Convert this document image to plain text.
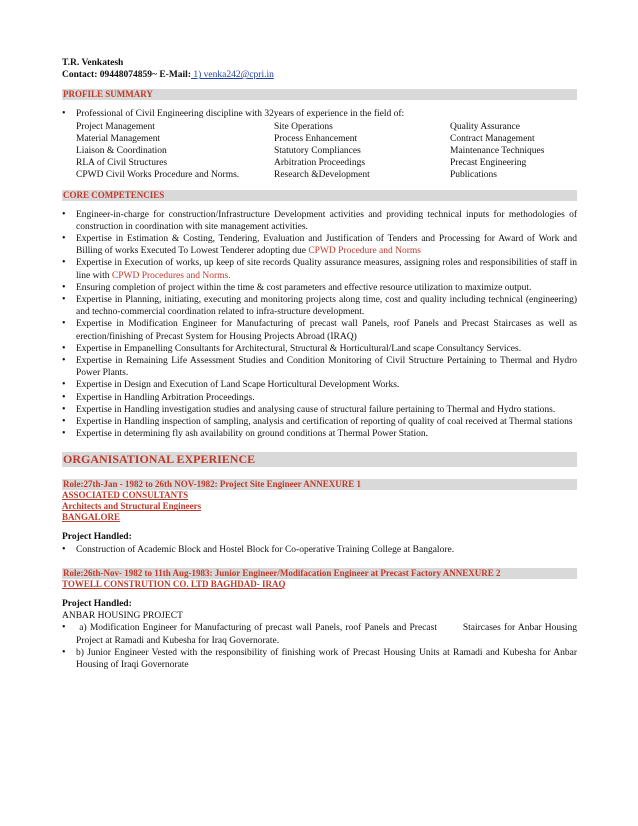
T.R. Venkatesh
Contact: 09448074859~ E-Mail: 1) venka242@cpri.in
PROFILE SUMMARY
• Professional of Civil Engineering discipline with 32years of experience in the field of:
Project Management	Site Operations	Quality Assurance
Material Management	Process Enhancement	Contract Management
Liaison & Coordination	Statutory Compliances	Maintenance Techniques
RLA of Civil Structures	Arbitration Proceedings	Precast Engineering
CPWD Civil Works Procedure and Norms.	Research &Development	Publications
CORE COMPETENCIES
• Engineer-in-charge for construction/Infrastructure Development activities and providing technical inputs for methodologies of construction in coordination with site management activities.
• Expertise in Estimation & Costing, Tendering, Evaluation and Justification of Tenders and Processing for Award of Work and Billing of works Executed To Lowest Tenderer adopting due CPWD Procedure and Norms
• Expertise in Execution of works, up keep of site records Quality assurance measures, assigning roles and responsibilities of staff in line with CPWD Procedures and Norms.
• Ensuring completion of project within the time & cost parameters and effective resource utilization to maximize output.
• Expertise in Planning, initiating, executing and monitoring projects along time, cost and quality including technical (engineering) and techno-commercial coordination related to infra-structure development.
• Expertise in Modification Engineer for Manufacturing of precast wall Panels, roof Panels and Precast Staircases as well as erection/finishing of Precast System for Housing Projects Abroad (IRAQ)
• Expertise in Empanelling Consultants for Architectural, Structural & Horticultural/Land scape Consultancy Services.
• Expertise in Remaining Life Assessment Studies and Condition Monitoring of Civil Structure Pertaining to Thermal and Hydro Power Plants.
• Expertise in Design and Execution of Land Scape Horticultural Development Works.
• Expertise in Handling Arbitration Proceedings.
• Expertise in Handling investigation studies and analysing cause of structural failure pertaining to Thermal and Hydro stations.
• Expertise in Handling inspection of sampling, analysis and certification of reporting of quality of coal received at Thermal stations
• Expertise in determining fly ash availability on ground conditions at Thermal Power Station.
ORGANISATIONAL EXPERIENCE
Role:27th-Jan - 1982 to 26th NOV-1982: Project Site Engineer ANNEXURE 1
ASSOCIATED CONSULTANTS
Architects and Structural Engineers
BANGALORE
Project Handled:
• Construction of Academic Block and Hostel Block for Co-operative Training College at Bangalore.
Role:26th-Nov- 1982 to 11th Aug-1983: Junior Engineer/Modifacation Engineer at Precast Factory ANNEXURE 2
TOWELL CONSTRUTION CO. LTD BAGHDAD- IRAQ
Project Handled:
ANBAR HOUSING PROJECT
•  a) Modification Engineer for Manufacturing of precast wall Panels, roof Panels and Precast        Staircases for Anbar Housing Project at Ramadi and Kubesha for Iraq Governorate.
• b) Junior Engineer Vested with the responsibility of finishing work of Precast Housing Units at Ramadi and Kubesha for Anbar Housing of Iraqi Governorate
